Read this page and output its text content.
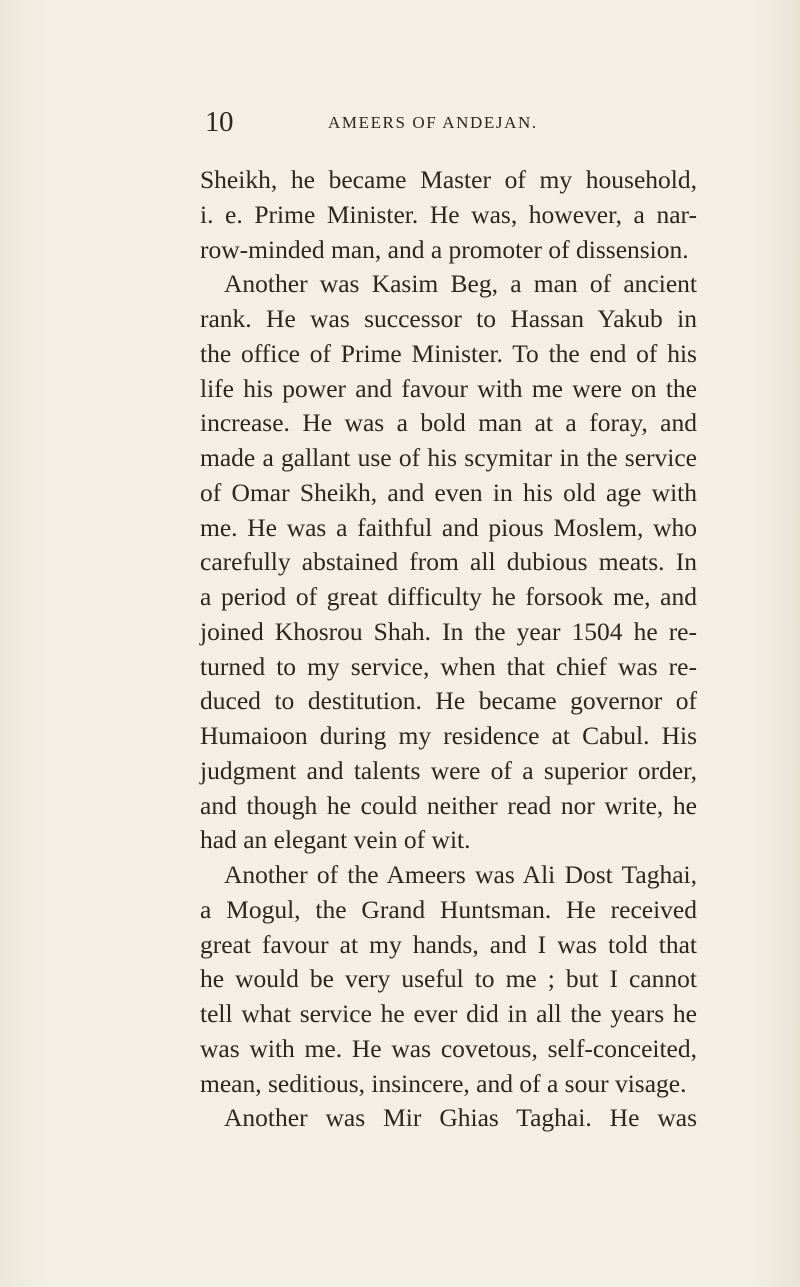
10	AMEERS OF ANDEJAN.
Sheikh, he became Master of my household,
i. e. Prime Minister. He was, however, a nar-
row-minded man, and a promoter of dissension.
Another was Kasim Beg, a man of ancient
rank. He was successor to Hassan Yakub in
the office of Prime Minister. To the end of his
life his power and favour with me were on the
increase. He was a bold man at a foray, and
made a gallant use of his scymitar in the service
of Omar Sheikh, and even in his old age with
me. He was a faithful and pious Moslem, who
carefully abstained from all dubious meats. In
a period of great difficulty he forsook me, and
joined Khosrou Shah. In the year 1504 he re-
turned to my service, when that chief was re-
duced to destitution. He became governor of
Humaioon during my residence at Cabul. His
judgment and talents were of a superior order,
and though he could neither read nor write, he
had an elegant vein of wit.
Another of the Ameers was Ali Dost Taghai,
a Mogul, the Grand Huntsman. He received
great favour at my hands, and I was told that
he would be very useful to me ; but I cannot
tell what service he ever did in all the years he
was with me. He was covetous, self-conceited,
mean, seditious, insincere, and of a sour visage.
Another was Mir Ghias Taghai. He was
